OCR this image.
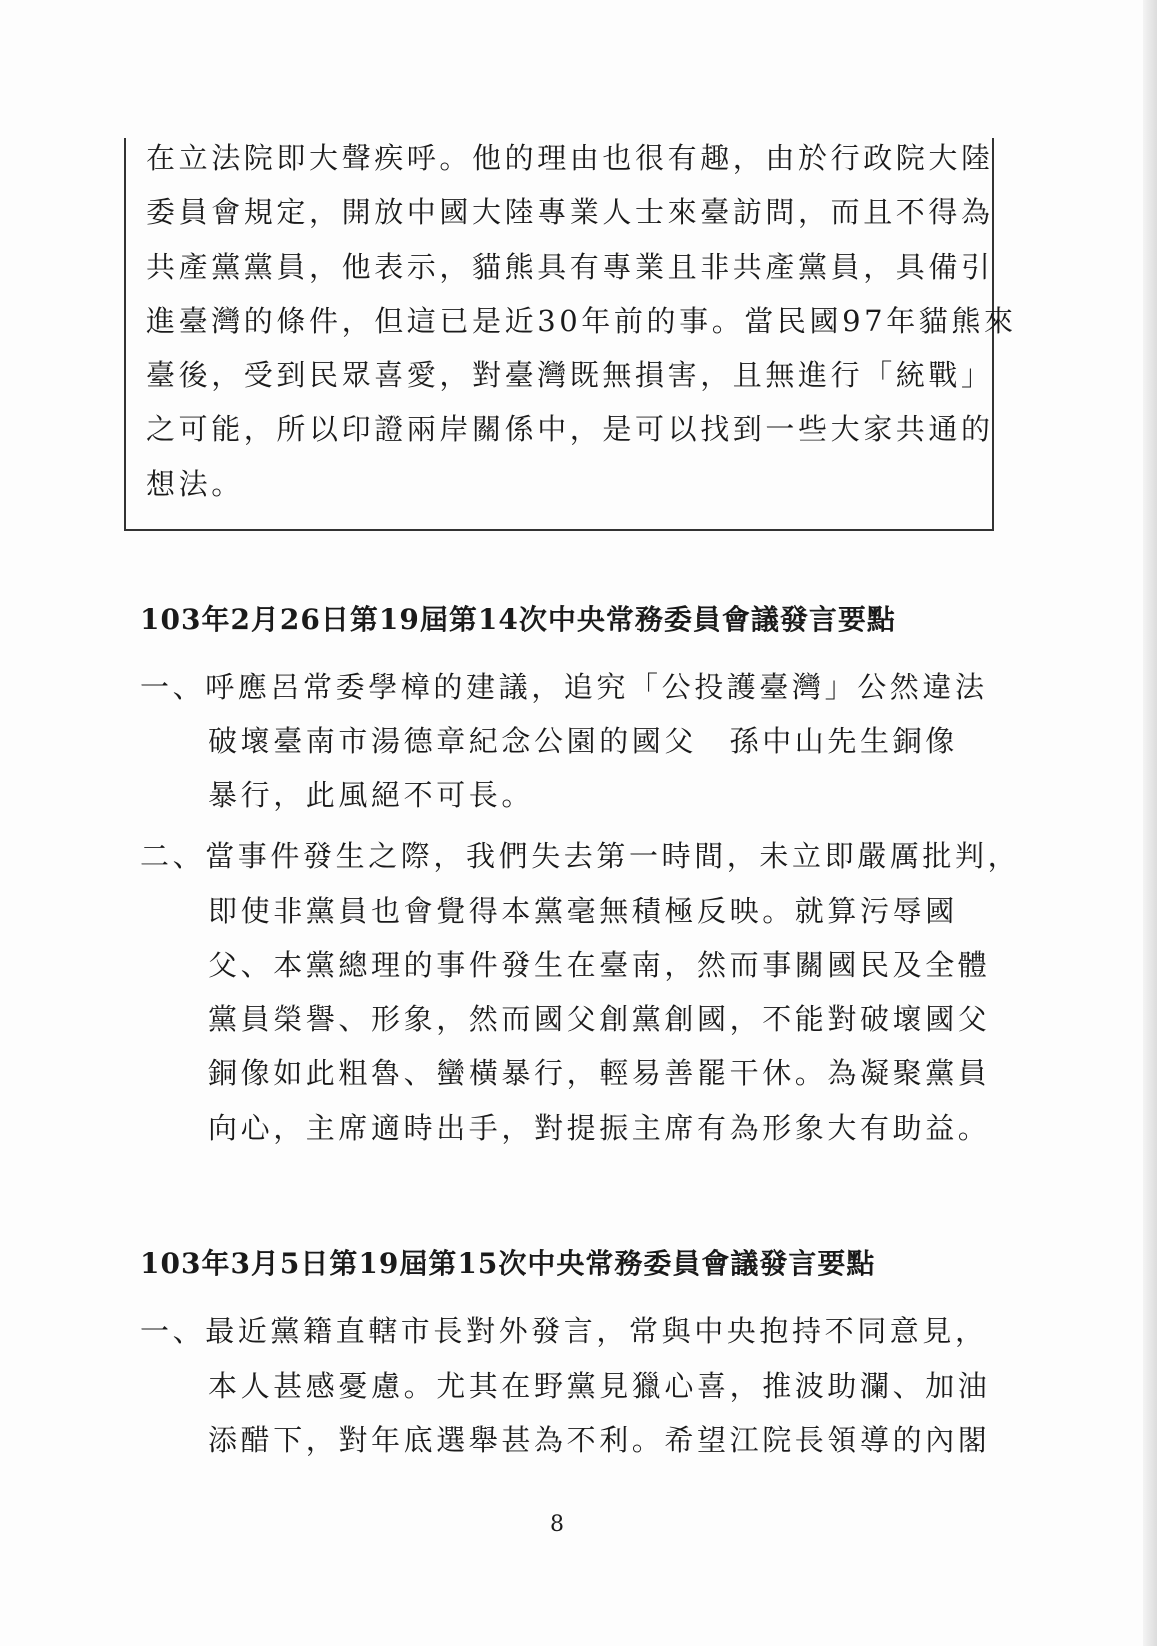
在立法院即大聲疾呼。他的理由也很有趣，由於行政院大陸
委員會規定，開放中國大陸專業人士來臺訪問，而且不得為
共產黨黨員，他表示，貓熊具有專業且非共產黨員，具備引
進臺灣的條件，但這已是近30年前的事。當民國97年貓熊來
臺後，受到民眾喜愛，對臺灣既無損害，且無進行「統戰」
之可能，所以印證兩岸關係中，是可以找到一些大家共通的
想法。
103年2月26日第19屆第14次中央常務委員會議發言要點
一、呼應呂常委學樟的建議，追究「公投護臺灣」公然違法
破壞臺南市湯德章紀念公園的國父　孫中山先生銅像
暴行，此風絕不可長。
二、當事件發生之際，我們失去第一時間，未立即嚴厲批判，
即使非黨員也會覺得本黨毫無積極反映。就算污辱國
父、本黨總理的事件發生在臺南，然而事關國民及全體
黨員榮譽、形象，然而國父創黨創國，不能對破壞國父
銅像如此粗魯、蠻橫暴行，輕易善罷干休。為凝聚黨員
向心，主席適時出手，對提振主席有為形象大有助益。
103年3月5日第19屆第15次中央常務委員會議發言要點
一、最近黨籍直轄市長對外發言，常與中央抱持不同意見，
本人甚感憂慮。尤其在野黨見獵心喜，推波助瀾、加油
添醋下，對年底選舉甚為不利。希望江院長領導的內閣
8
